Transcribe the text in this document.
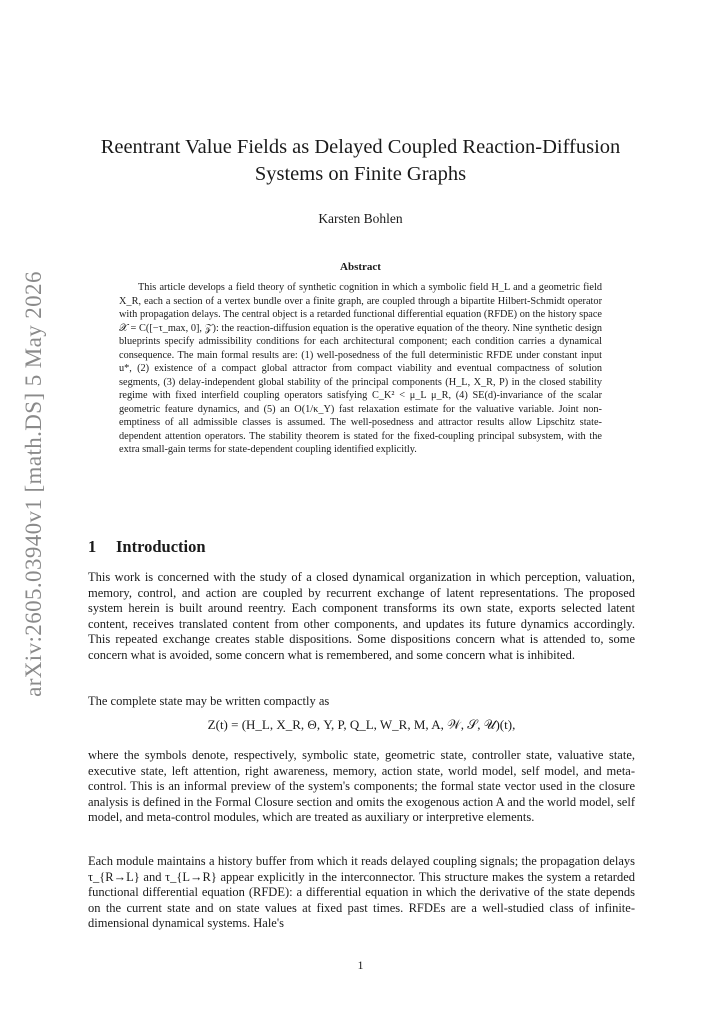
arXiv:2605.03940v1 [math.DS] 5 May 2026
Reentrant Value Fields as Delayed Coupled Reaction-Diffusion Systems on Finite Graphs
Karsten Bohlen
Abstract

This article develops a field theory of synthetic cognition in which a symbolic field H_L and a geometric field X_R, each a section of a vertex bundle over a finite graph, are coupled through a bipartite Hilbert-Schmidt operator with propagation delays. The central object is a retarded functional differential equation (RFDE) on the history space 𝒳 = C([−τ_max, 0], 𝒵): the reaction-diffusion equation is the operative equation of the theory. Nine synthetic design blueprints specify admissibility conditions for each architectural component; each condition carries a dynamical consequence. The main formal results are: (1) well-posedness of the full deterministic RFDE under constant input u*, (2) existence of a compact global attractor from compact viability and eventual compactness of solution segments, (3) delay-independent global stability of the principal components (H_L, X_R, P) in the closed stability regime with fixed interfield coupling operators satisfying C_K² < μ_L μ_R, (4) SE(d)-invariance of the scalar geometric feature dynamics, and (5) an O(1/κ_Y) fast relaxation estimate for the valuative variable. Joint non-emptiness of all admissible classes is assumed. The well-posedness and attractor results allow Lipschitz state-dependent attention operators. The stability theorem is stated for the fixed-coupling principal subsystem, with the extra small-gain terms for state-dependent coupling identified explicitly.

1 Introduction

This work is concerned with the study of a closed dynamical organization in which perception, valuation, memory, control, and action are coupled by recurrent exchange of latent representations. The proposed system herein is built around reentry. Each component transforms its own state, exports selected latent content, receives translated content from other components, and updates its future dynamics accordingly. This repeated exchange creates stable dispositions. Some dispositions concern what is attended to, some concern what is avoided, some concern what is remembered, and some concern what is inhibited.

The complete state may be written compactly as

Z(t) = (H_L, X_R, Θ, Y, P, Q_L, W_R, M, A, 𝒲, 𝒮, 𝒰)(t),

where the symbols denote, respectively, symbolic state, geometric state, controller state, valuative state, executive state, left attention, right awareness, memory, action state, world model, self model, and meta-control. This is an informal preview of the system's components; the formal state vector used in the closure analysis is defined in the Formal Closure section and omits the exogenous action A and the world model, self model, and meta-control modules, which are treated as auxiliary or interpretive elements.

Each module maintains a history buffer from which it reads delayed coupling signals; the propagation delays τ_{R→L} and τ_{L→R} appear explicitly in the interconnector. This structure makes the system a retarded functional differential equation (RFDE): a differential equation in which the derivative of the state depends on the current state and on state values at fixed past times. RFDEs are a well-studied class of infinite-dimensional dynamical systems. Hale's

1
